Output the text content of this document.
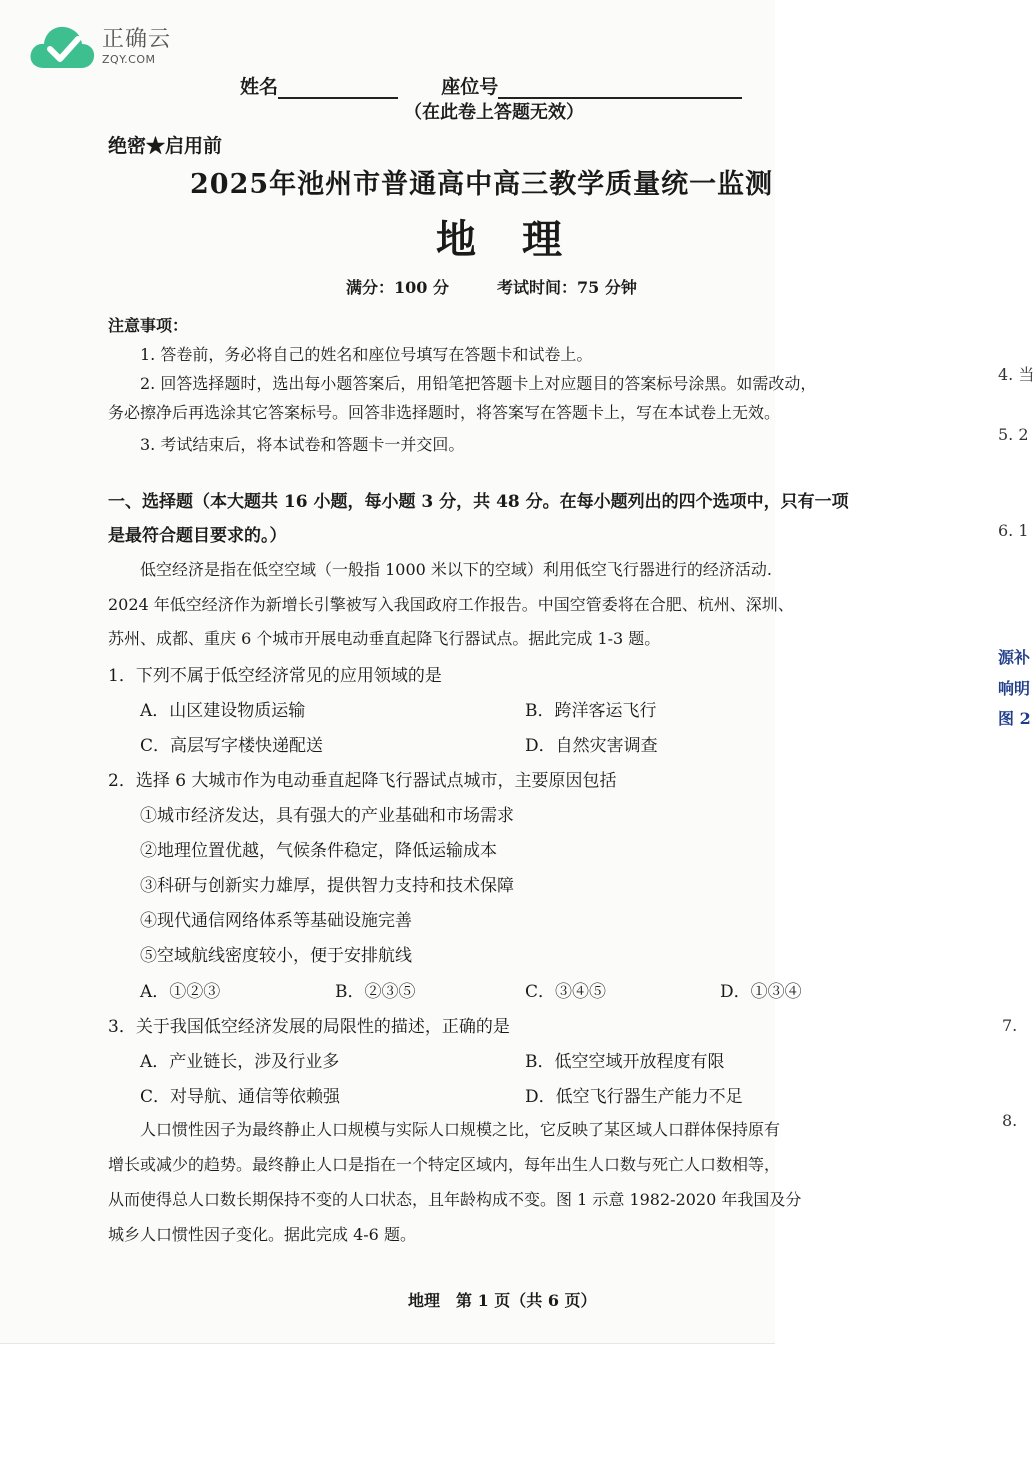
正确云
ZQY.COM
姓名	座位号
（在此卷上答题无效）
绝密★启用前
2025年池州市普通高中高三教学质量统一监测
地理
满分：100 分	考试时间：75 分钟
注意事项：
1. 答卷前，务必将自己的姓名和座位号填写在答题卡和试卷上。
2. 回答选择题时，选出每小题答案后，用铅笔把答题卡上对应题目的答案标号涂黑。如需改动，
务必擦净后再选涂其它答案标号。回答非选择题时，将答案写在答题卡上，写在本试卷上无效。
3. 考试结束后，将本试卷和答题卡一并交回。
一、选择题（本大题共 16 小题，每小题 3 分，共 48 分。在每小题列出的四个选项中，只有一项
是最符合题目要求的。）
低空经济是指在低空空域（一般指 1000 米以下的空域）利用低空飞行器进行的经济活动.
2024 年低空经济作为新增长引擎被写入我国政府工作报告。中国空管委将在合肥、杭州、深圳、
苏州、成都、重庆 6 个城市开展电动垂直起降飞行器试点。据此完成 1-3 题。
1．下列不属于低空经济常见的应用领域的是
A．山区建设物质运输	B．跨洋客运飞行
C．高层写字楼快递配送	D．自然灾害调查
2．选择 6 大城市作为电动垂直起降飞行器试点城市，主要原因包括
①城市经济发达，具有强大的产业基础和市场需求
②地理位置优越，气候条件稳定，降低运输成本
③科研与创新实力雄厚，提供智力支持和技术保障
④现代通信网络体系等基础设施完善
⑤空域航线密度较小，便于安排航线
A．①②③	B．②③⑤	C．③④⑤	D．①③④
3．关于我国低空经济发展的局限性的描述，正确的是
A．产业链长，涉及行业多	B．低空空域开放程度有限
C．对导航、通信等依赖强	D．低空飞行器生产能力不足
人口惯性因子为最终静止人口规模与实际人口规模之比，它反映了某区域人口群体保持原有
增长或减少的趋势。最终静止人口是指在一个特定区域内，每年出生人口数与死亡人口数相等，
从而使得总人口数长期保持不变的人口状态，且年龄构成不变。图 1 示意 1982-2020 年我国及分
城乡人口惯性因子变化。据此完成 4-6 题。
地理　第 1 页（共 6 页）
4. 当
5. 2
6. 1
源补
响明
图 2
7.
8.
